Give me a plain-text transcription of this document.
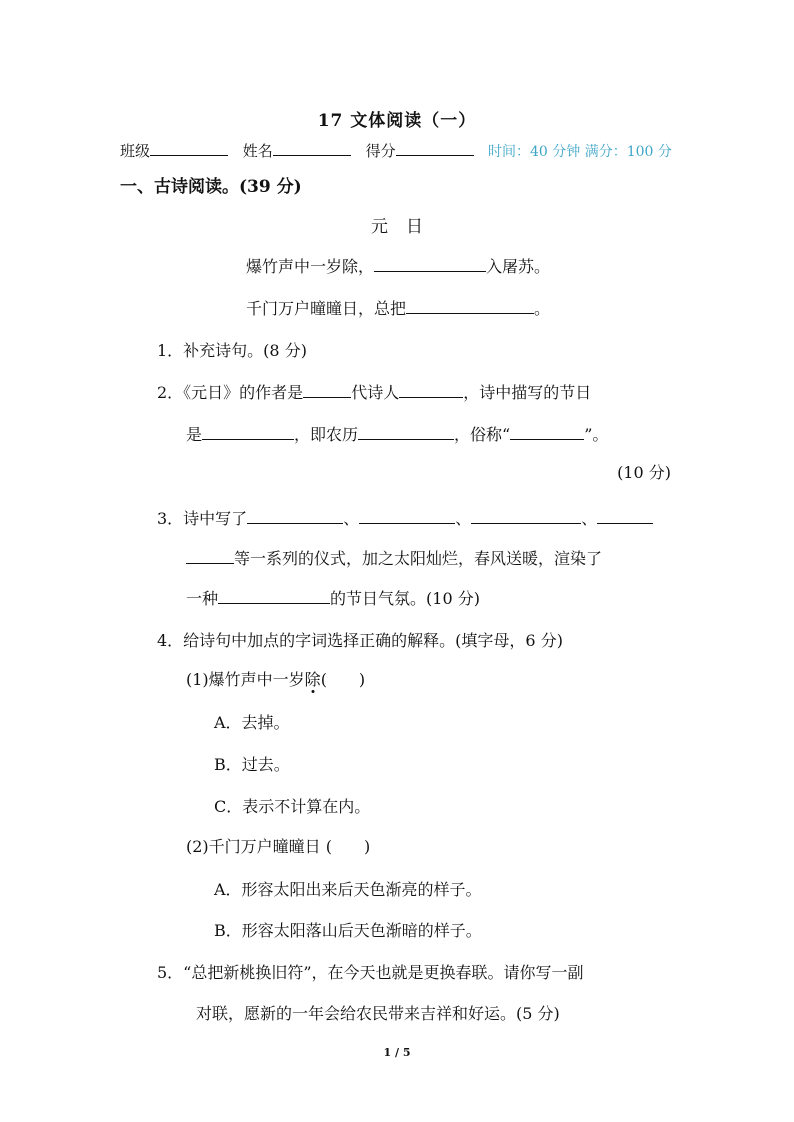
17 文体阅读（一）
班级	姓名	得分	时间：40 分钟 满分：100 分
一、古诗阅读。(39 分)
元日
爆竹声中一岁除，	入屠苏。
千门万户曈曈日，总把	。
1．补充诗句。(8 分)
2．《元日》的作者是	代诗人	，诗中描写的节日
是	，即农历	，俗称“	”。
(10 分)
3．诗中写了	、	、	、
等一系列的仪式，加之太阳灿烂，春风送暖，渲染了
一种	的节日气氛。(10 分)
4．给诗句中加点的字词选择正确的解释。(填字母，6 分)
(1)爆竹声中一岁除(　　)
A．去掉。
B．过去。
C．表示不计算在内。
(2)千门万户曈曈日 (　　)
A．形容太阳出来后天色渐亮的样子。
B．形容太阳落山后天色渐暗的样子。
5．“总把新桃换旧符”，在今天也就是更换春联。请你写一副
对联，愿新的一年会给农民带来吉祥和好运。(5 分)
1 / 5
